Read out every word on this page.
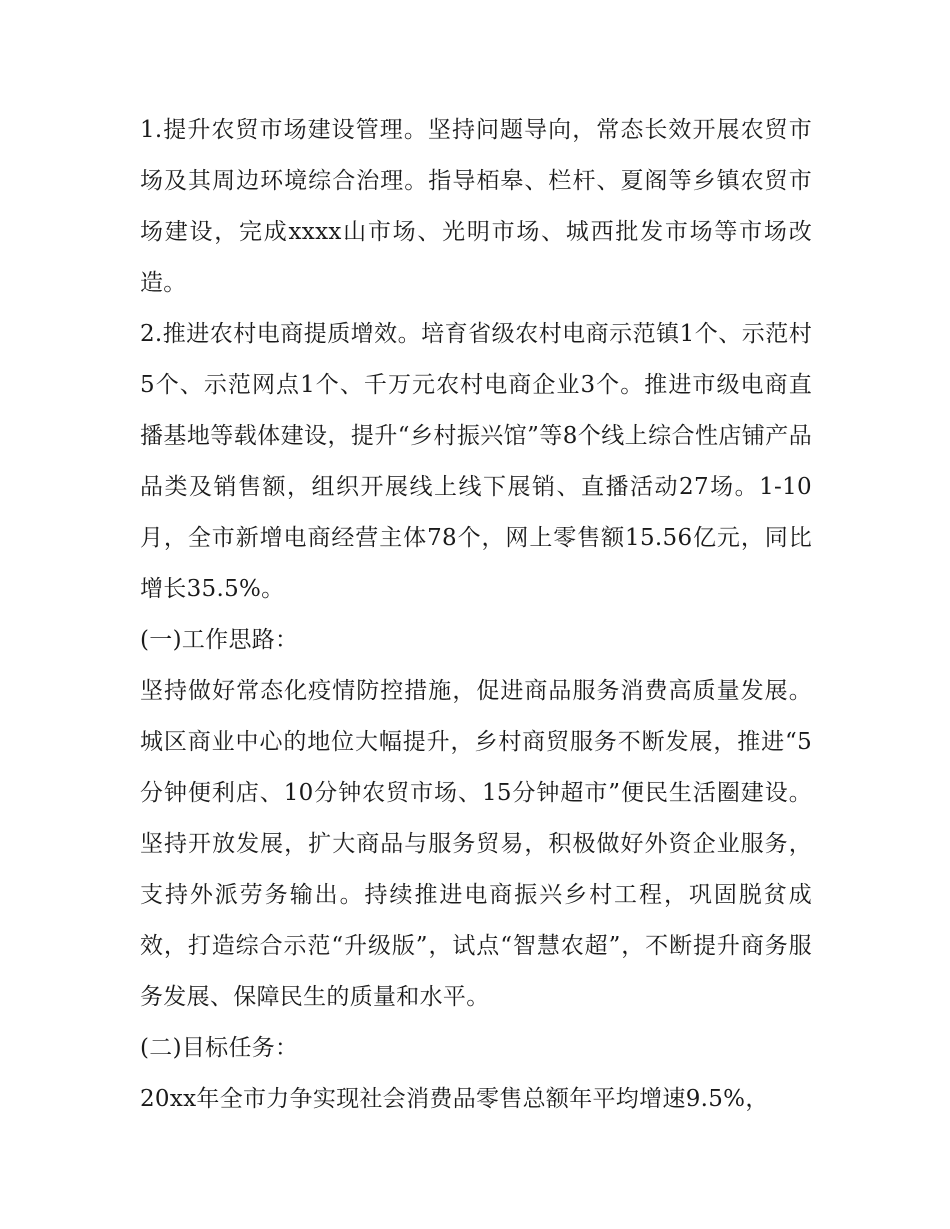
1.提升农贸市场建设管理。坚持问题导向，常态长效开展农贸市场及其周边环境综合治理。指导栢皋、栏杆、夏阁等乡镇农贸市场建设，完成xxxx山市场、光明市场、城西批发市场等市场改造。

2.推进农村电商提质增效。培育省级农村电商示范镇1个、示范村5个、示范网点1个、千万元农村电商企业3个。推进市级电商直播基地等载体建设，提升“乡村振兴馆”等8个线上综合性店铺产品品类及销售额，组织开展线上线下展销、直播活动27场。1-10月，全市新增电商经营主体78个，网上零售额15.56亿元，同比增长35.5%。

(一)工作思路：

坚持做好常态化疫情防控措施，促进商品服务消费高质量发展。城区商业中心的地位大幅提升，乡村商贸服务不断发展，推进“5分钟便利店、10分钟农贸市场、15分钟超市”便民生活圈建设。坚持开放发展，扩大商品与服务贸易，积极做好外资企业服务，支持外派劳务输出。持续推进电商振兴乡村工程，巩固脱贫成效，打造综合示范“升级版”，试点“智慧农超”，不断提升商务服务发展、保障民生的质量和水平。

(二)目标任务：

20xx年全市力争实现社会消费品零售总额年平均增速9.5%，
